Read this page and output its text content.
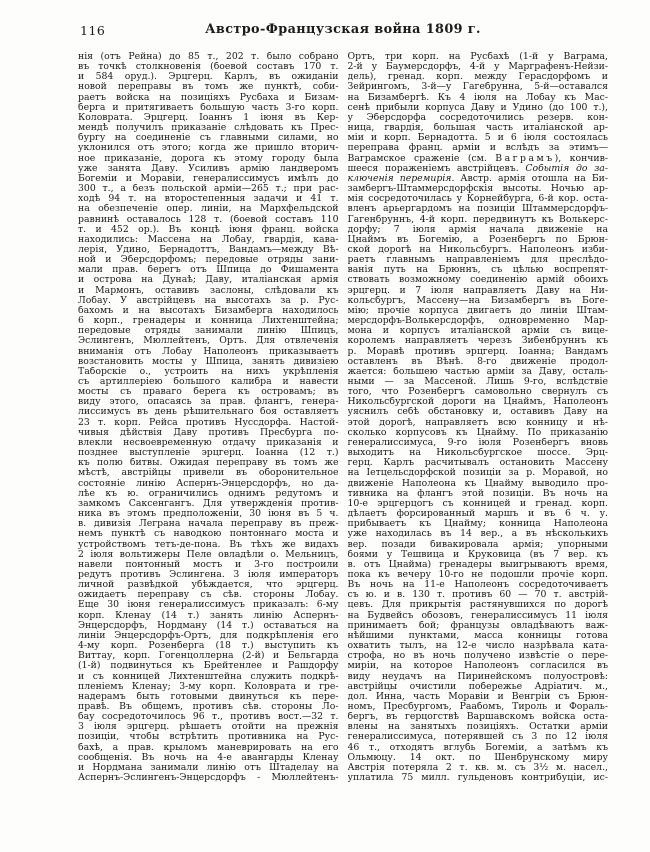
116	Австро-Французская война 1809 г.
нія (отъ Рейна) до 85 т., 202 т. было собрано
въ точкѣ столкновенія (боевой составъ 170 т.
и 584 оруд.). Эрцгерц. Карлъ, въ ожиданіи
новой переправы въ томъ же пунктѣ, соби-
раетъ войска на позиціяхъ Русбаха и Бизам-
берга и притягиваетъ большую часть 3-го корп.
Коловрата. Эрцгерц. Іоаннъ 1 іюня въ Кер-
мендѣ получилъ приказаніе слѣдовать къ Прес-
бургу на соединеніе съ главными силами, но
уклонился отъ этого; когда же пришло вторич-
ное приказаніе, дорога къ этому городу была
уже занята Даву. Усиливъ армію ландверомъ
Богеміи и Моравіи, генералиссимусъ имѣлъ до
300 т., а безъ польской арміи—265 т.; при рас-
ходѣ 94 т. на второстепенныя задачи и 41 т.
на обезпеченіе опер. линіи, на Мархфельдской
равнинѣ оставалось 128 т. (боевой составъ 110
т. и 452 ор.). Въ концѣ іюня франц. войска
находились: Массена на Лобау, гвардія, кава-
лерія, Удино, Бернадоттъ, Вандамъ—между Вѣ-
ной и Эберсдорфомъ; передовые отряды зани-
мали прав. берегъ отъ Шпица до Фишамента
и острова на Дунаѣ; Даву, италіанская армія
и Мармонъ, оставивъ заслоны, слѣдовали къ
Лобау. У австрійцевъ на высотахъ за р. Рус-
бахомъ и на высотахъ Бизамберга находилось
6 корп., гренадеры и конница Лихтенштейна;
передовые отряды занимали линію Шпицъ,
Эслингенъ, Мюллейтенъ, Ортъ. Для отвлеченія
вниманія отъ Лобау Наполеонъ приказываетъ
возстановить мосты у Шпица, занять дивизіею
Таборскіе о., устроить на нихъ укрѣпленія
съ артиллеріею большого калибра и навести
мосты съ праваго берега къ островамъ; въ
виду этого, опасаясь за прав. флангъ, генера-
лиссимусъ въ день рѣшительнаго боя оставляетъ
23 т. корп. Рейса противъ Нуссдорфа. Настой-
чивыя дѣйствія Даву противъ Пресбурга по-
влекли несвоевременную отдачу приказанія и
позднее выступленіе эрцгерц. Іоанна (12 т.)
къ полю битвы. Ожидая переправу въ томъ же
мѣстѣ, австрійцы привели въ оборонительное
состояніе линію Аспернъ-Энцерсдорфъ, но да-
лѣе къ ю. ограничились однимъ редутомъ и
замкомъ Саксенгангъ. Для утвержденія против-
ника въ этомъ предположеніи, 30 іюня въ 5 ч.
в. дивизія Леграна начала переправу въ преж-
немъ пунктѣ съ наводкою понтоннаго моста и
устройствомъ тетъ-де-пона. Въ тѣхъ же видахъ
2 іюля вольтижеры Пеле овладѣли о. Мельницъ,
навели понтонный мостъ и 3-го построили
редутъ противъ Эслингена. 3 іюля императоръ
личной развѣдкой убѣждается, что эрцгерц.
ожидаетъ переправу съ сѣв. стороны Лобау.
Еще 30 іюня генералиссимусъ приказалъ: 6-му
корп. Кленау (14 т.) занять линію Аспернъ-
Энцерсдорфъ, Нордману (14 т.) оставаться на
линіи Энцерсдорфъ-Ортъ, для подкрѣпленія его
4-му корп. Розенберга (18 т.) выступить къ
Виттау, корп. Гогенцоллерна (2-й) и Бельгарда
(1-й) подвинуться къ Брейтенлее и Рашдорфу
и съ конницей Лихтенштейна служить подкрѣ-
пленіемъ Кленау; 3-му корп. Коловрата и гре-
надерамъ быть готовыми двинуться къ пере-
правѣ. Въ общемъ, противъ сѣв. стороны Ло-
бау сосредоточилось 96 т., противъ вост.—32 т.
3 іюля эрцгерц. рѣшаетъ отойти на прежнія
позиціи, чтобы встрѣтить противника на Рус-
бахѣ, а прав. крыломъ маневрировать на его
сообщенія. Въ ночь на 4-е авангарды Кленау
и Нордмана занимали линію отъ Штаделау на
Аспернъ-Эслингенъ-Энцерсдорфъ - Мюллейтенъ-
Ортъ, три корп. на Русбахѣ (1-й у Ваграма,
2-й у Баумерсдорфъ, 4-й у Марграфенъ-Нейзи-
дель), гренад. корп. между Герасдорфомъ и
Зейрингомъ, 3-й—у Гагебрунна, 5-й—оставался
на Бизамбергѣ. Къ 4 іюля на Лобау къ Мас-
сенѣ прибыли корпуса Даву и Удино (до 100 т.),
у Эберсдорфа сосредоточились резерв. кон-
ница, гвардія, большая часть италіанской ар-
міи и корп. Бернадотта. 5 и 6 іюля состоялась
переправа франц. арміи и вслѣдъ за этимъ—
Ваграмское сраженіе (см. Ваграмъ), кончив-
шееся пораженіемъ австрійцевъ. Событія до за-
ключенія перемирія. Австр. армія отошла на Би-
замбергъ-Штаммерсдорфскія высоты. Ночью ар-
мія сосредоточилась у Корнейбурга, 6-й кор. оста-
вленъ арьергардомъ на позиціи Штаммерсдорфъ-
Гагенбруннъ, 4-й корп. передвинутъ къ Волькерс-
дорфу; 7 іюля армія начала движеніе на
Цнаймъ въ Богемію, а Розенбергъ по Брюн-
ской дорогѣ на Никольсбургъ. Наполеонъ изби-
раетъ главнымъ направленіемъ для преслѣдо-
ванія путь на Брюннъ, съ цѣлью воспрепят-
ствовать возможному соединенію армій обоихъ
эрцгерц. и 7 іюля направляетъ Даву на Ни-
кольсбургъ, Массену—на Бизамбергъ въ Боге-
мію; прочіе корпуса двигаетъ до линіи Штам-
мерсдорфъ-Волькерсдорфъ, одновременно Мар-
мона и корпусъ италіанской арміи съ вице-
королемъ направляетъ черезъ Зибенбруннъ къ
р. Моравѣ противъ эрцгерц. Іоанна; Вандамъ
оставленъ въ Вѣнѣ. 8-го движеніе продол-
жается: большею частью арміи за Даву, осталь-
ными — за Массеной. Лишь 9-го, вслѣдствіе
того, что Розенбергъ самовольно свернулъ съ
Никольсбургской дороги на Цнаймъ, Наполеонъ
уяснилъ себѣ обстановку и, оставивъ Даву на
этой дорогѣ, направляетъ всю конницу и нѣ-
сколько корпусовъ къ Цнайму. По приказанію
генералиссимуса, 9-го іюля Розенбергъ вновь
выходитъ на Никольсбургское шоссе. Эрц-
герц. Карлъ расчитывалъ остановить Массену
на Іетцельсдорфской позиціи за р. Моравой, но
движеніе Наполеона къ Цнайму выводило про-
тивника на флангъ этой позиціи. Въ ночь на
10-е эрцгерцогъ съ конницей и гренад. корп.
дѣлаетъ форсированный маршъ и въ 6 ч. у.
прибываетъ къ Цнайму; конница Наполеона
уже находилась въ 14 вер., а въ нѣсколькихъ
вер. позади бивакировала армія; упорными
боями у Тешвица и Круковица (въ 7 вер. къ
в. отъ Цнайма) гренадеры выигрываютъ время,
пока къ вечеру 10-го не подошли прочіе корп.
Въ ночь на 11-е Наполеонъ сосредоточиваетъ
съ ю. и в. 130 т. противъ 60 — 70 т. австрій-
цевъ. Для прикрытія растянувшихся по дорогѣ
на Будвейсъ обозовъ, генералиссимусъ 11 іюля
принимаетъ бой; французы овладѣваютъ важ-
нѣйшими пунктами, масса конницы готова
охватить тылъ, на 12-е число назрѣвала ката-
строфа, но въ ночь получено извѣстіе о пере-
миріи, на которое Наполеонъ согласился въ
виду неудачъ на Пиринейскомъ полуостровѣ:
австрійцы очистили побережье Адріатич. м.,
дол. Инна, часть Моравіи и Венгріи съ Брюн-
номъ, Пресбургомъ, Раабомъ, Тироль и Фораль-
бергъ, въ герцогствѣ Варшавскомъ войска оста-
влены на занятыхъ позиціяхъ. Остатки арміи
генералиссимуса, потерявшей съ 3 по 12 іюля
46 т., отходятъ вглубь Богеміи, а затѣмъ къ
Ольмюцу. 14 окт. по Шенбрунскому миру
Австрія потеряла 2 т. кв. м. съ 3½ м. насел.,
уплатила 75 милл. гульденовъ контрибуціи, ис-
